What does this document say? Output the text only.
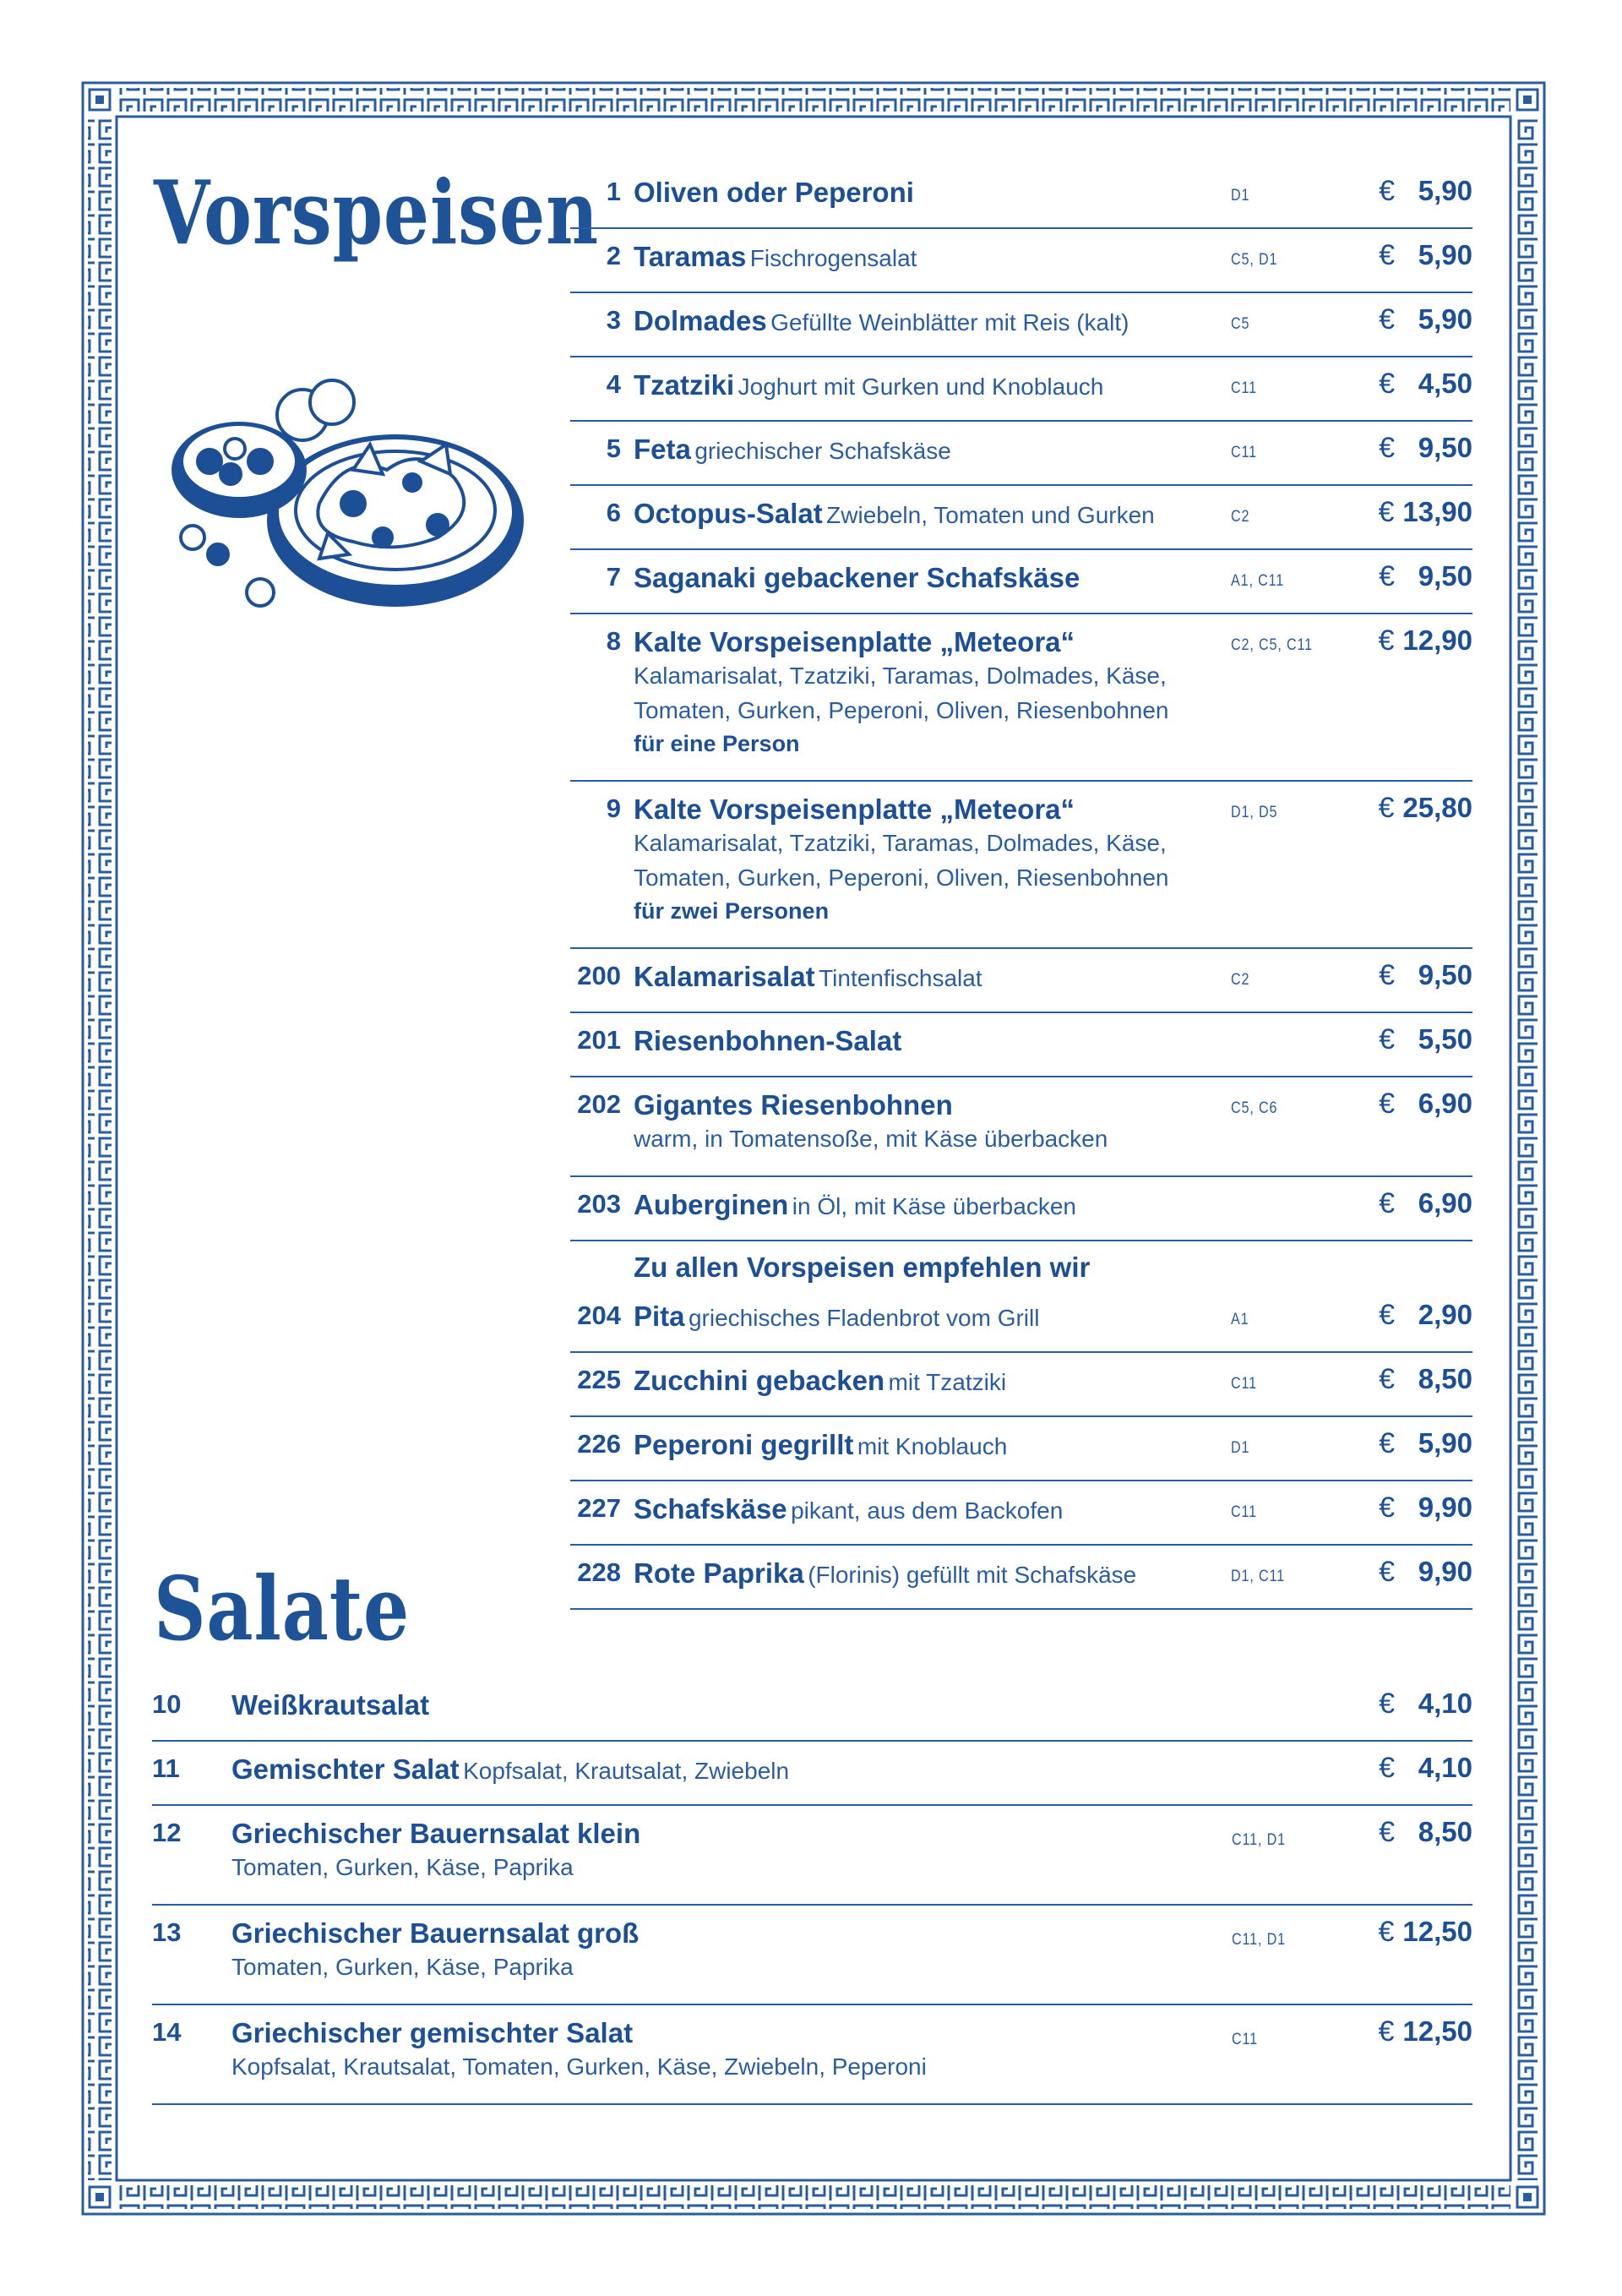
Vorspeisen 1 Oliven oder Peperoni	D1	€ 5,90
2 Taramas Fischrogensalat	C5, D1	€ 5,90
3 Dolmades Gefüllte Weinblätter mit Reis (kalt)	C5	€ 5,90
4 Tzatziki Joghurt mit Gurken und Knoblauch	C11	€ 4,50
5 Feta griechischer Schafskäse	C11	€ 9,50
6 Octopus-Salat Zwiebeln, Tomaten und Gurken	C2	€ 13,90
7 Saganaki gebackener Schafskäse	A1, C11	€ 9,50
8 Kalte Vorspeisenplatte „Meteora“
Kalamarisalat, Tzatziki, Taramas, Dolmades, Käse,
Tomaten, Gurken, Peperoni, Oliven, Riesenbohnen
für eine Person
C2, C5, C11 € 12,90
9 Kalte Vorspeisenplatte „Meteora“
Kalamarisalat, Tzatziki, Taramas, Dolmades, Käse,
Tomaten, Gurken, Peperoni, Oliven, Riesenbohnen
für zwei Personen
D1, D5	€ 25,80
200 Kalamarisalat Tintenfischsalat	C2	€ 9,50
201 Riesenbohnen-Salat	€ 5,50
202 Gigantes Riesenbohnen
warm, in Tomatensoße, mit Käse überbacken
C5, C6	€ 6,90
203 Auberginen in Öl, mit Käse überbacken	€ 6,90
Zu allen Vorspeisen empfehlen wir
204 Pita griechisches Fladenbrot vom Grill	A1	€ 2,90
225 Zucchini gebacken mit Tzatziki	C11	€ 8,50
226 Peperoni gegrillt mit Knoblauch	D1	€ 5,90
227 Schafskäse pikant, aus dem Backofen	C11	€ 9,90
228 Rote Paprika (Florinis) gefüllt mit Schafskäse	D1, C11	€ 9,90
Salate
10	Weißkrautsalat	€ 4,10
11	Gemischter Salat Kopfsalat, Krautsalat, Zwiebeln	€ 4,10
12	Griechischer Bauernsalat klein
Tomaten, Gurken, Käse, Paprika
C11, D1	€ 8,50
13	Griechischer Bauernsalat groß
Tomaten, Gurken, Käse, Paprika
C11, D1	€ 12,50
14	Griechischer gemischter Salat
Kopfsalat, Krautsalat, Tomaten, Gurken, Käse, Zwiebeln, Peperoni
C11	€ 12,50
